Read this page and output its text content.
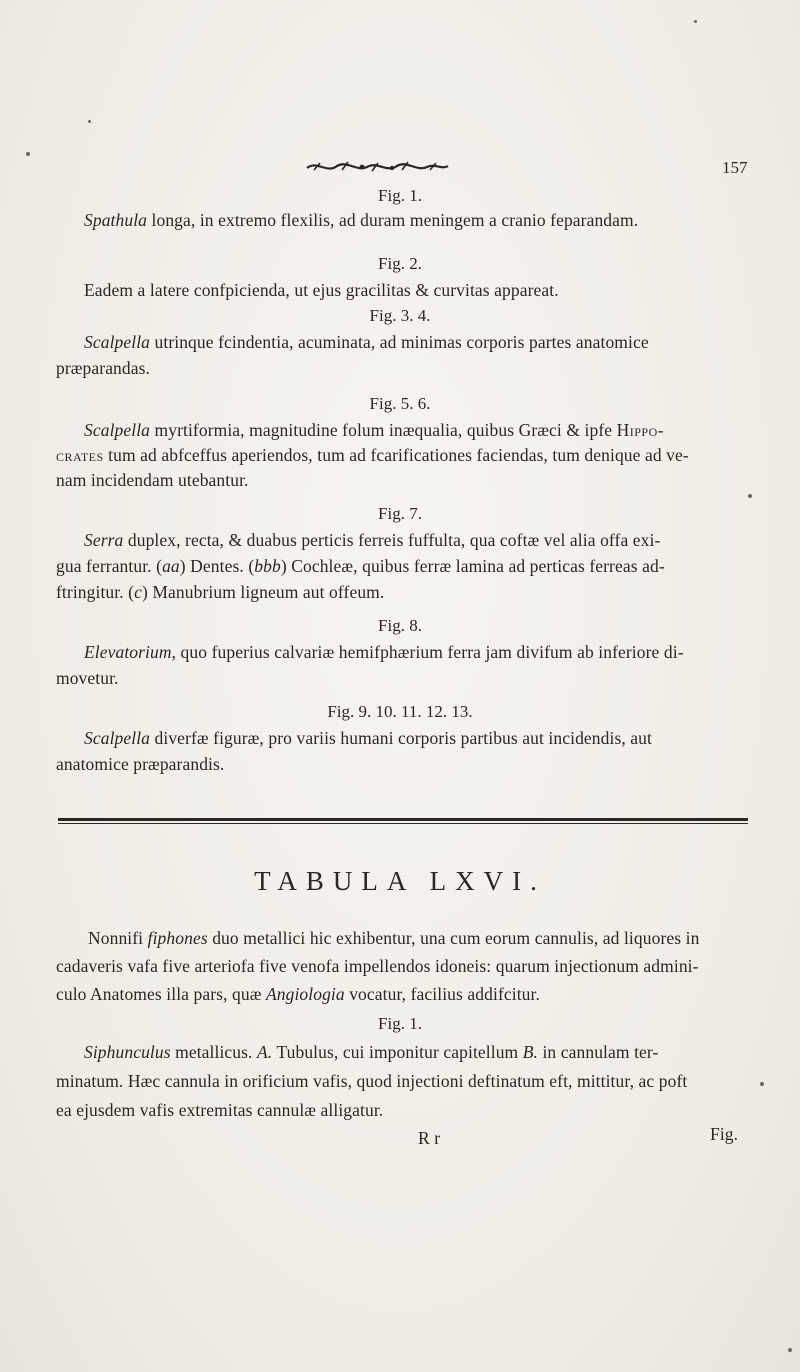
157
Fig. 1.
Spathula longa, in extremo flexilis, ad duram meningem a cranio feparandam.
Fig. 2.
Eadem a latere confpicienda, ut ejus gracilitas & curvitas appareat.
Fig. 3. 4.
Scalpella utrinque fcindentia, acuminata, ad minimas corporis partes anatomice
præparandas.
Fig. 5. 6.
Scalpella myrtiformia, magnitudine folum inæqualia, quibus Græci & ipfe Hippo-
crates tum ad abfceffus aperiendos, tum ad fcarificationes faciendas, tum denique ad ve-
nam incidendam utebantur.
Fig. 7.
Serra duplex, recta, & duabus perticis ferreis fuffulta, qua coftæ vel alia offa exi-
gua ferrantur. (aa) Dentes. (bbb) Cochleæ, quibus ferræ lamina ad perticas ferreas ad-
ftringitur. (c) Manubrium ligneum aut offeum.
Fig. 8.
Elevatorium, quo fuperius calvariæ hemifphærium ferra jam divifum ab inferiore di-
movetur.
Fig. 9. 10. 11. 12. 13.
Scalpella diverfæ figuræ, pro variis humani corporis partibus aut incidendis, aut
anatomice præparandis.
TABULA LXVI.
Nonnifi fiphones duo metallici hic exhibentur, una cum eorum cannulis, ad liquores in
cadaveris vafa five arteriofa five venofa impellendos idoneis: quarum injectionum admini-
culo Anatomes illa pars, quæ Angiologia vocatur, facilius addifcitur.
Fig. 1.
Siphunculus metallicus. A. Tubulus, cui imponitur capitellum B. in cannulam ter-
minatum. Hæc cannula in orificium vafis, quod injectioni deftinatum eft, mittitur, ac poft
ea ejusdem vafis extremitas cannulæ alligatur.
R r	Fig.
